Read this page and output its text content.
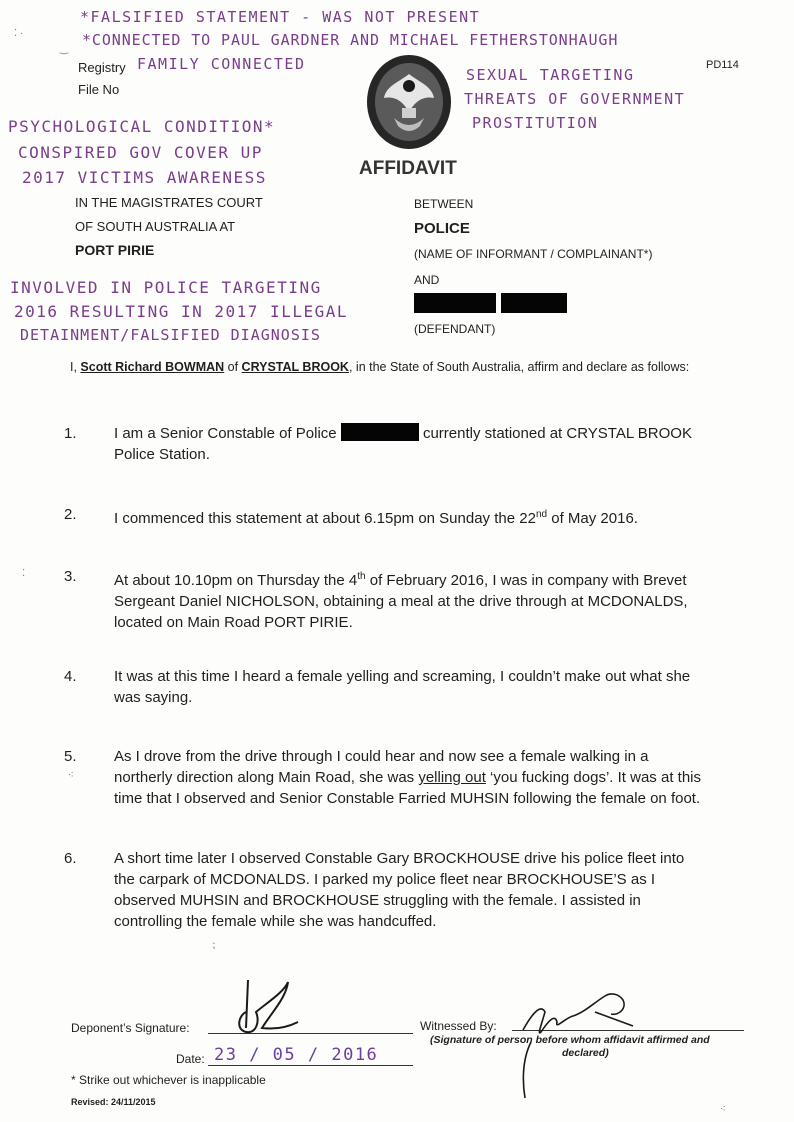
*FALSIFIED STATEMENT - WAS NOT PRESENT
*CONNECTED TO PAUL GARDNER AND MICHAEL FETHERSTONHAUGH
Registry FAMILY CONNECTED
File No
PD114
SEXUAL TARGETING
THREATS OF GOVERNMENT
PROSTITUTION
PSYCHOLOGICAL CONDITION*
CONSPIRED GOV COVER UP
2017 VICTIMS AWARENESS	AFFIDAVIT
IN THE MAGISTRATES COURT
OF SOUTH AUSTRALIA AT
PORT PIRIE
BETWEEN
POLICE
(NAME OF INFORMANT / COMPLAINANT*)
AND
(DEFENDANT)
INVOLVED IN POLICE TARGETING
2016 RESULTING IN 2017 ILLEGAL
DETAINMENT/FALSIFIED DIAGNOSIS
I, Scott Richard BOWMAN of CRYSTAL BROOK, in the State of South Australia, affirm and declare as follows:
1. I am a Senior Constable of Police	currently stationed at CRYSTAL BROOK
Police Station.
2. I commenced this statement at about 6.15pm on Sunday the 22nd of May 2016.
3. At about 10.10pm on Thursday the 4th of February 2016, I was in company with Brevet
Sergeant Daniel NICHOLSON, obtaining a meal at the drive through at MCDONALDS,
located on Main Road PORT PIRIE.
4. It was at this time I heard a female yelling and screaming, I couldn’t make out what she
was saying.
5. As I drove from the drive through I could hear and now see a female walking in a
northerly direction along Main Road, she was yelling out ‘you fucking dogs’. It was at this
time that I observed and Senior Constable Farried MUHSIN following the female on foot.
6. A short time later I observed Constable Gary BROCKHOUSE drive his police fleet into
the carpark of MCDONALDS. I parked my police fleet near BROCKHOUSE’S as I
observed MUHSIN and BROCKHOUSE struggling with the female. I assisted in
controlling the female while she was handcuffed.
Deponent’s Signature:
Date: 23 / 05 / 2016
Witnessed By:
(Signature of person before whom affidavit affirmed and
declared)
* Strike out whichever is inapplicable
Revised: 24/11/2015
⁚ ·
‿
⁚
⁖
⁏
⁖
